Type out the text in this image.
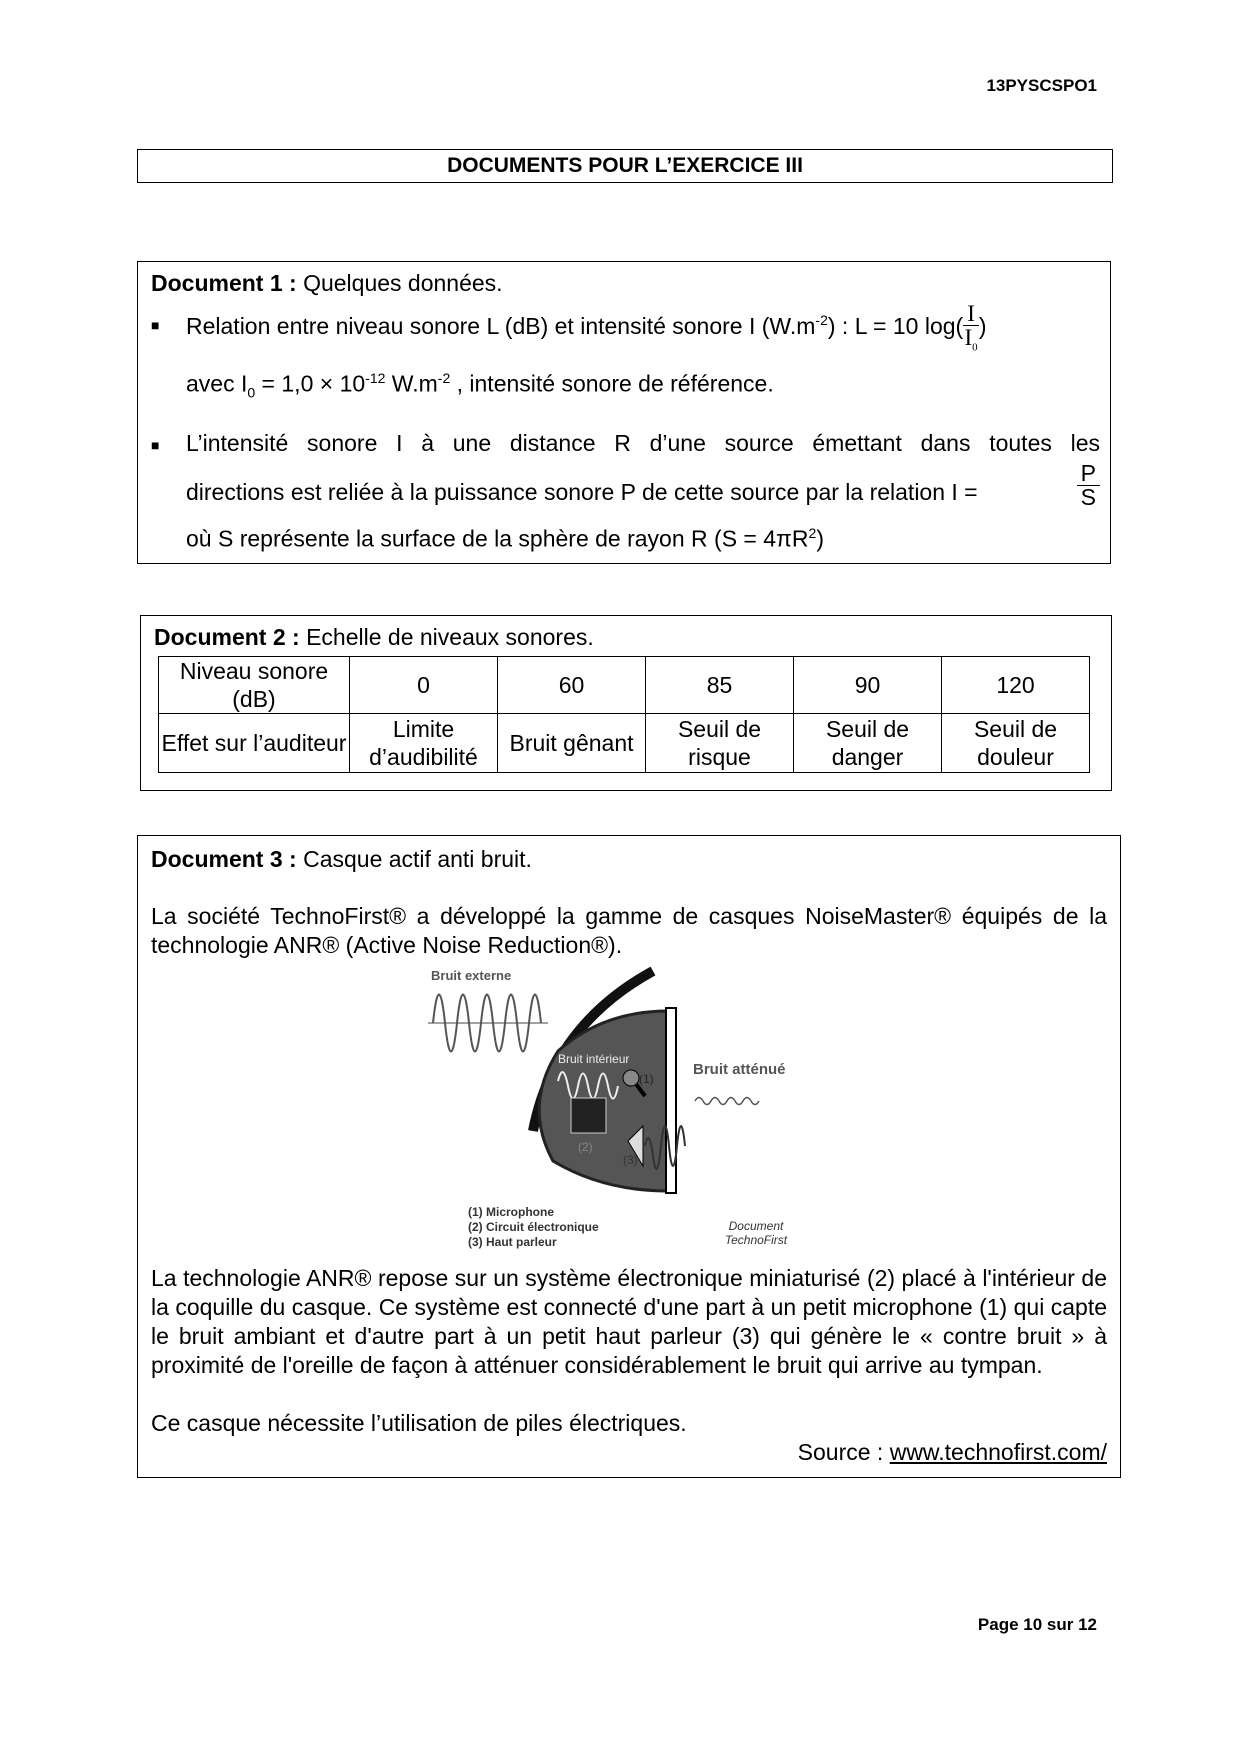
13PYSCSPO1
DOCUMENTS POUR L’EXERCICE III
Document 1 : Quelques données.
■ Relation entre niveau sonore L (dB) et intensité sonore I $(W.m^{-2})$ : L = 10 $\log( \frac{I}{I_0}$ )
avec $I_0 = 1,0 \times 10^{-12}$ $W.m^{-2}$ , intensité sonore de référence.
■ L’intensité sonore I à une distance R d’une source émettant dans toutes les
directions est reliée à la puissance sonore P de cette source par la relation I =	$\frac{P}{S}$
où S représente la surface de la sphère de rayon R $(S = 4\pi R^2)$
Document 2 : Echelle de niveaux sonores.
Niveau sonore (dB)	0	60	85	90	120
Effet sur l’auditeur	Limite d’audibilité	Bruit gênant	Seuil de risque	Seuil de danger	Seuil de douleur
Document 3 : Casque actif anti bruit.
La société TechnoFirst® a développé la gamme de casques NoiseMaster® équipés de la technologie ANR® (Active Noise Reduction®).
Bruit externe
Bruit intérieur
(1)
(2)
(3)
Bruit atténué
(1) Microphone
(2) Circuit électronique
(3) Haut parleur
Document
TechnoFirst
La technologie ANR® repose sur un système électronique miniaturisé (2) placé à l'intérieur de la coquille du casque. Ce système est connecté d'une part à un petit microphone (1) qui capte le bruit ambiant et d'autre part à un petit haut parleur (3) qui génère le « contre bruit » à proximité de l'oreille de façon à atténuer considérablement le bruit qui arrive au tympan.
Ce casque nécessite l’utilisation de piles électriques.
Source : www.technofirst.com/
Page 10 sur 12
